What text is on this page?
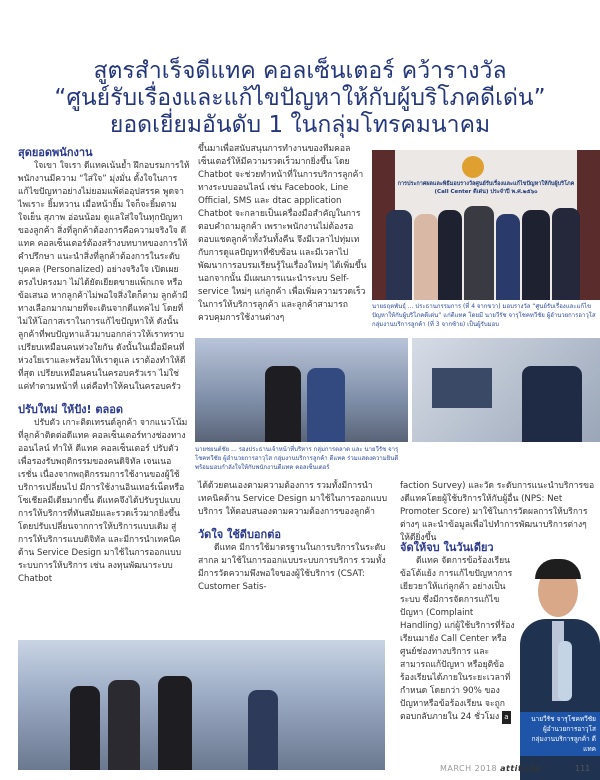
สูตรสำเร็จดีแทค คอลเซ็นเตอร์ คว้ารางวัล
“ศูนย์รับเรื่องและแก้ไขปัญหาให้กับผู้บริโภคดีเด่น”
ยอดเยี่ยมอันดับ 1 ในกลุ่มโทรคมนาคม

สุดยอดพนักงาน

ใจเขา ใจเรา ดีแทคเน้นย้ำ ฝึกอบรมการให้พนักงานมีความ “ใส่ใจ” มุ่งมั่น ตั้งใจในการแก้ไขปัญหาอย่างไม่ยอมแพ้ต่ออุปสรรค พูดจาไพเราะ ยิ้มหวาน เมื่อหน้ายิ้ม ใจก็จะยิ้มตาม ใจเย็น สุภาพ อ่อนน้อม ดูแลใส่ใจในทุกปัญหาของลูกค้า สิ่งที่ลูกค้าต้องการคือความจริงใจ ดีแทค คอลเซ็นเตอร์ต้องสร้างบทบาทของการให้คำปรึกษา แนะนำสิ่งที่ลูกค้าต้องการในระดับบุคคล (Personalized) อย่างจริงใจ เปิดเผย ตรงไปตรงมา ไม่ได้ยัดเยียดขายแพ็กเกจ หรือข้อเสนอ หากลูกค้าไม่พอใจสิ่งใดก็ตาม ลูกค้ามีทางเลือกมากมายที่จะเดินจากดีแทคไป โดยที่ไม่ให้โอกาสเราในการแก้ไขปัญหาให้ ดังนั้นลูกค้าที่พบปัญหาแล้วมาบอกกล่าวให้เราทราบ เปรียบเหมือนคนห่วงใยกัน ดังนั้นในเมื่อมีคนที่ห่วงใยเราและพร้อมให้เราดูแล เราต้องทำให้ดีที่สุด เปรียบเหมือนคนในครอบครัวเรา ไม่ใช่แค่ทำตามหน้าที่ แต่คือทำให้คนในครอบครัว

ปรับใหม่ ให้ปัง! ตลอด

ปรับตัว เกาะติดเทรนด์ลูกค้า จากแนวโน้มที่ลูกค้าติดต่อดีแทค คอลเซ็นเตอร์ทางช่องทางออนไลน์ ทำให้ ดีแทค คอลเซ็นเตอร์ ปรับตัวเพื่อรองรับพฤติกรรมของคนดิจิทัล เจนเนอเรชั่น เนื่องจากพฤติกรรมการใช้งานของผู้ใช้บริการเปลี่ยนไป มีการใช้งานอินเทอร์เน็ตหรือโซเชียลมีเดียมากขึ้น ดีแทคจึงได้ปรับรูปแบบการให้บริการที่ทันสมัยและรวดเร็วมากยิ่งขึ้น โดยปรับเปลี่ยนจากการให้บริการแบบเดิม สู่การให้บริการแบบดิจิทัล และมีการนำเทคนิคด้าน Service Design มาใช้ในการออกแบบระบบการให้บริการ เช่น ลงทุนพัฒนาระบบ Chatbot

ขึ้นมาเพื่อสนับสนุนการทำงานของทีมคอลเซ็นเตอร์ให้มีความรวดเร็วมากยิ่งขึ้น โดย Chatbot จะช่วยทำหน้าที่ในการบริการลูกค้าทางระบบออนไลน์ เช่น Facebook, Line Official, SMS และ dtac application Chatbot จะกลายเป็นเครื่องมือสำคัญในการตอบคำถามลูกค้า เพราะพนักงานไม่ต้องรอตอบแชตลูกค้าทั้งวันทั้งคืน จึงมีเวลาไปทุ่มเทกับการดูแลปัญหาที่ซับซ้อน และมีเวลาไปพัฒนาการอบรมเรียนรู้ในเรื่องใหม่ๆ ได้เพิ่มขึ้น นอกจากนั้น มีแผนการแนะนำระบบ Self-service ใหม่ๆ แก่ลูกค้า เพื่อเพิ่มความรวดเร็วในการให้บริการลูกค้า และลูกค้าสามารถควบคุมการใช้งานต่างๆ

การประกาศผลและพิธีมอบรางวัลศูนย์รับเรื่องและแก้ไขปัญหาให้กับผู้บริโภค
(Call Center ดีเด่น) ประจำปี พ.ศ.๒๕๖๐

นายธฤตพันธุ์ ... ประธานกรรมการ (ที่ 4 จากขวา) มอบรางวัล “ศูนย์รับเรื่องและแก้ไขปัญหาให้กับผู้บริโภคดีเด่น” แก่ดีแทค โดยมี นายวีรัช จารุโชคทวีชัย ผู้อำนวยการอาวุโส กลุ่มงานบริการลูกค้า (ที่ 3 จากซ้าย) เป็นผู้รับมอบ

นายชยนต์ชัย ... รองประธานเจ้าหน้าที่บริหาร กลุ่มการตลาด และ นายวีรัช จารุโชคทวีชัย ผู้อำนวยการอาวุโส กลุ่มงานบริการลูกค้า ดีแทค ร่วมแสดงความยินดีพร้อมมอบกำลังใจให้กับพนักงานดีแทค คอลเซ็นเตอร์

ได้ด้วยตนเองตามความต้องการ รวมทั้งมีการนำเทคนิคด้าน Service Design มาใช้ในการออกแบบบริการ ให้ตอบสนองตามความต้องการของลูกค้า

วัดใจ ใช้ดีบอกต่อ

ดีแทค มีการใช้มาตรฐานในการบริการในระดับสากล มาใช้ในการออกแบบระบบการบริการ รวมทั้งมีการวัดความพึงพอใจของผู้ใช้บริการ (CSAT: Customer Satis-

faction Survey) และวัด ระดับการแนะนำบริการของดีแทคโดยผู้ใช้บริการให้กับผู้อื่น (NPS: Net Promoter Score) มาใช้ในการวัดผลการให้บริการต่างๆ และนำข้อมูลเพื่อไปทำการพัฒนาบริการต่างๆ ให้ดียิ่งขึ้น

จัดให้จบ ในวันเดียว

ดีแทค จัดการข้อร้องเรียน ข้อโต้แย้ง การแก้ไขปัญหาการเยียวยาให้แก่ลูกค้า อย่างเป็นระบบ ซึ่งมีการจัดการแก้ไขปัญหา (Complaint Handling) แก่ผู้ใช้บริการที่ร้องเรียนมายัง Call Center หรือศูนย์ช่องทางบริการ และสามารถแก้ปัญหา หรือยุติข้อร้องเรียนได้ภายในระยะเวลาที่กำหนด โดยกว่า 90% ของปัญหาหรือข้อร้องเรียน จะถูกตอบกลับภายใน 24 ชั่วโมง a	นายวีรัช จารุโชคทวีชัย
ผู้อำนวยการอาวุโส
กลุ่มงานบริการลูกค้า ดีแทค
MARCH 2018 attitude	111
